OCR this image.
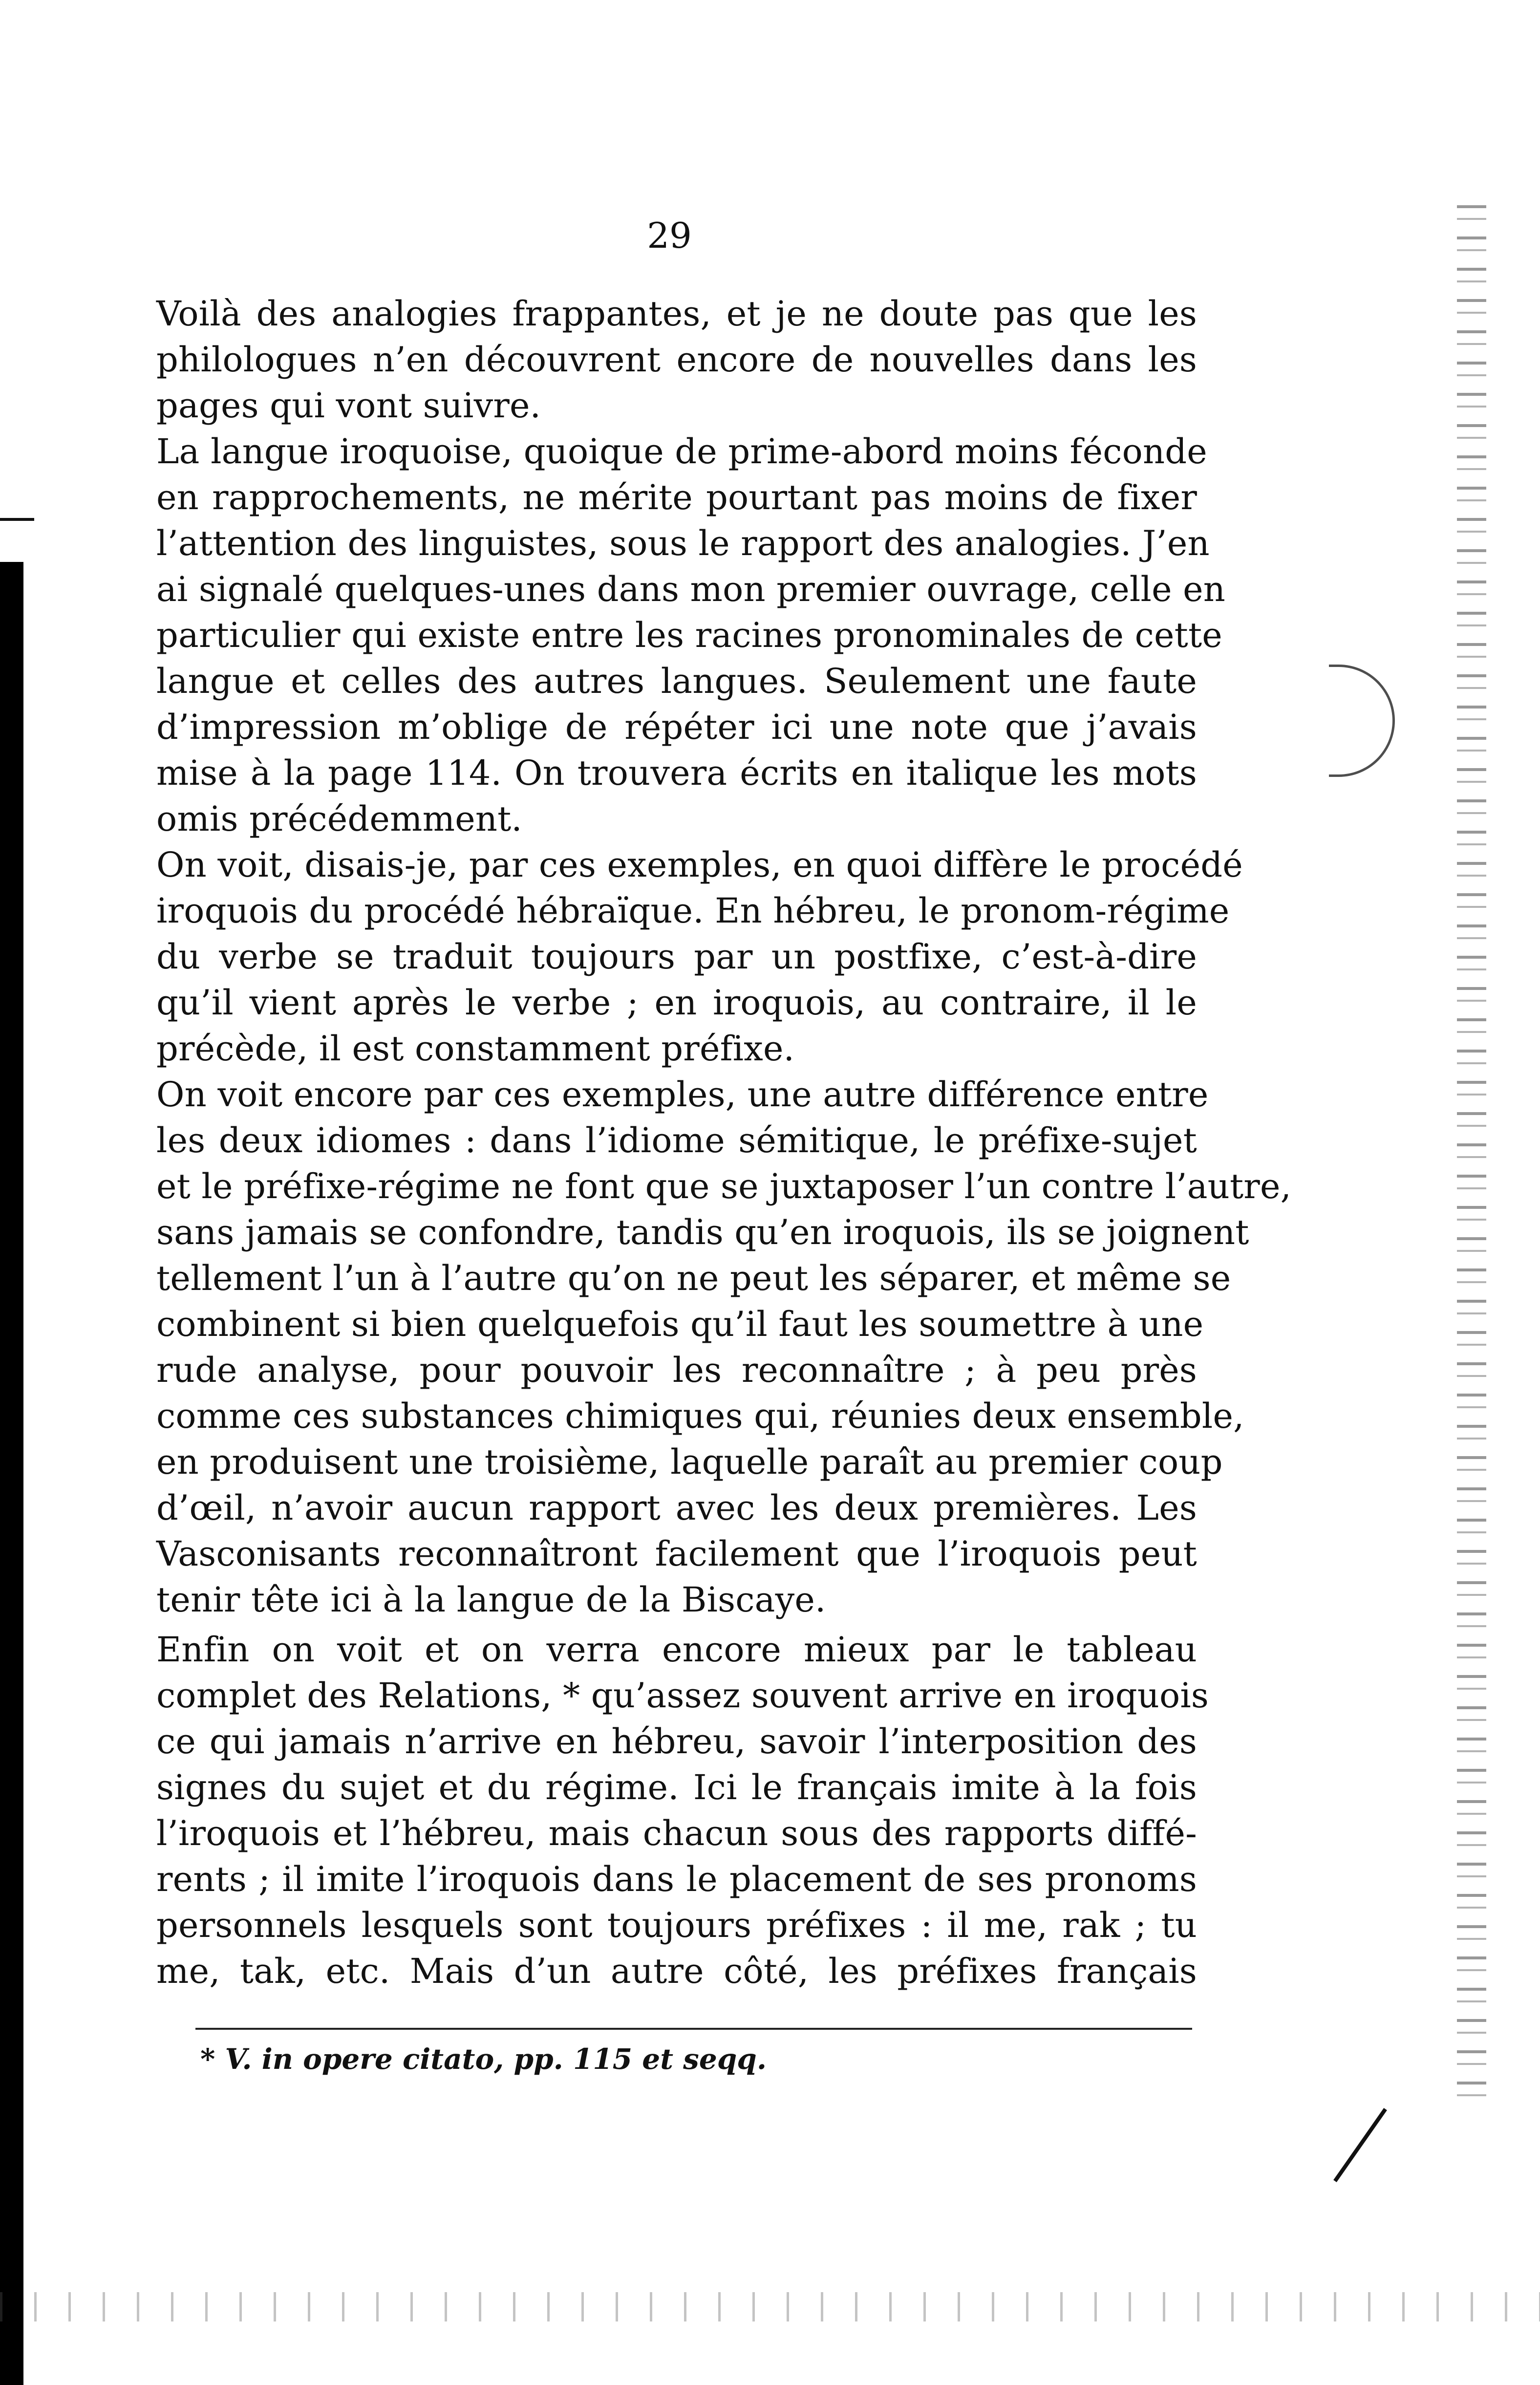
29
Voilà des analogies frappantes, et je ne doute pas que les
philologues n’en découvrent encore de nouvelles dans les
pages qui vont suivre.
La langue iroquoise, quoique de prime-abord moins féconde
en rapprochements, ne mérite pourtant pas moins de fixer
l’attention des linguistes, sous le rapport des analogies. J’en
ai signalé quelques-unes dans mon premier ouvrage, celle en
particulier qui existe entre les racines pronominales de cette
langue et celles des autres langues. Seulement une faute
d’impression m’oblige de répéter ici une note que j’avais
mise à la page 114. On trouvera écrits en italique les mots
omis précédemment.
On voit, disais-je, par ces exemples, en quoi diffère le procédé
iroquois du procédé hébraïque. En hébreu, le pronom-régime
du verbe se traduit toujours par un postfixe, c’est-à-dire
qu’il vient après le verbe ; en iroquois, au contraire, il le
précède, il est constamment préfixe.
On voit encore par ces exemples, une autre différence entre
les deux idiomes : dans l’idiome sémitique, le préfixe-sujet
et le préfixe-régime ne font que se juxtaposer l’un contre l’autre,
sans jamais se confondre, tandis qu’en iroquois, ils se joignent
tellement l’un à l’autre qu’on ne peut les séparer, et même se
combinent si bien quelquefois qu’il faut les soumettre à une
rude analyse, pour pouvoir les reconnaître ; à peu près
comme ces substances chimiques qui, réunies deux ensemble,
en produisent une troisième, laquelle paraît au premier coup
d’œil, n’avoir aucun rapport avec les deux premières. Les
Vasconisants reconnaîtront facilement que l’iroquois peut
tenir tête ici à la langue de la Biscaye.
Enfin on voit et on verra encore mieux par le tableau
complet des Relations, * qu’assez souvent arrive en iroquois
ce qui jamais n’arrive en hébreu, savoir l’interposition des
signes du sujet et du régime. Ici le français imite à la fois
l’iroquois et l’hébreu, mais chacun sous des rapports diffé-
rents ; il imite l’iroquois dans le placement de ses pronoms
personnels lesquels sont toujours préfixes : il me, rak ; tu
me, tak, etc. Mais d’un autre côté, les préfixes français
* V. in opere citato, pp. 115 et seqq.
